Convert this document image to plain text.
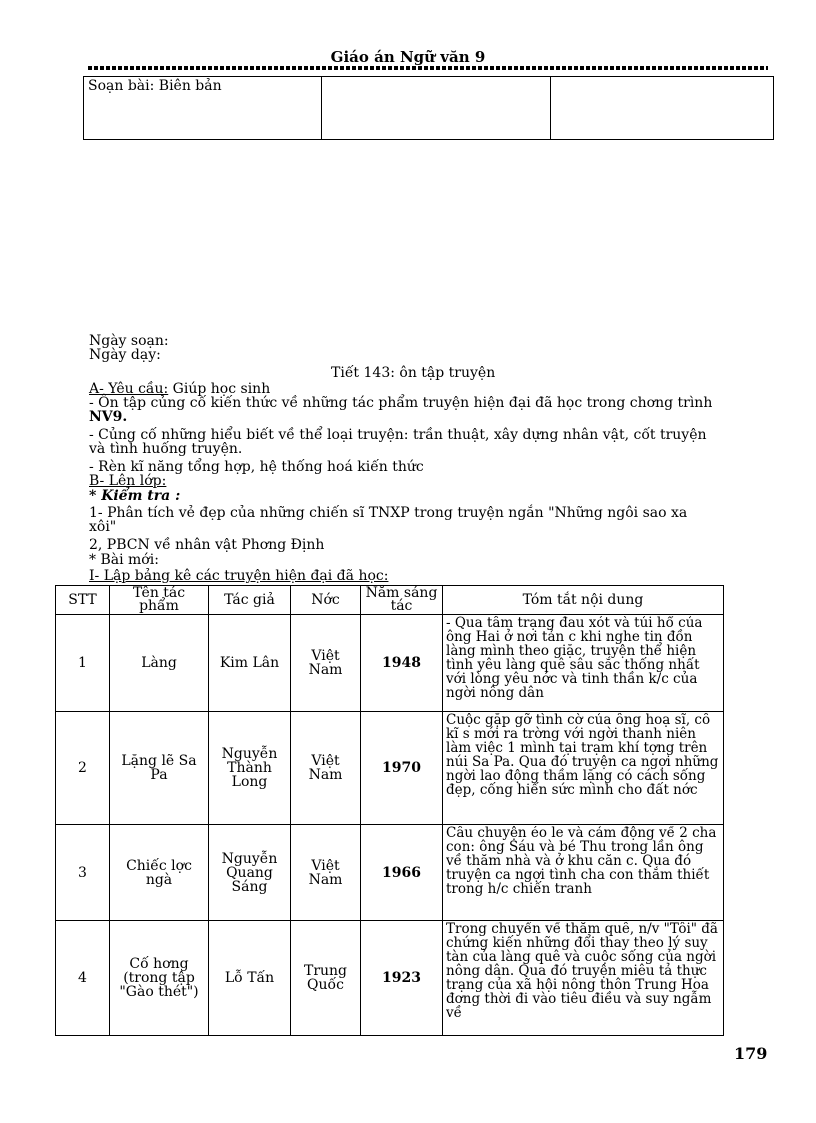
Giáo án Ngữ văn 9
Soạn bài: Biên bản		
Ngày soạn:
Ngày dạy:
Tiết 143: ôn tập truyện
A- Yêu cầu: Giúp học sinh
- Ôn tập củng cố kiến thức về những tác phẩm truyện hiện đại đã học trong chơng trình
NV9.
- Củng cố những hiểu biết về thể loại truyện: trần thuật, xây dựng nhân vật, cốt truyện
và tình huống truyện.
- Rèn kĩ năng tổng hợp, hệ thống hoá kiến thức
B- Lên lớp:
* Kiểm tra :
1- Phân tích vẻ đẹp của những chiến sĩ TNXP trong truyện ngắn "Những ngôi sao xa
xôi"
2, PBCN về nhân vật Phơng Định
* Bài mới:
I- Lập bảng kê các truyện hiện đại đã học:
STT	Tên tác phẩm	Tác giả	Nớc	Năm sáng tác	Tóm tắt nội dung
1	Làng	Kim Lân	Việt Nam	1948	- Qua tâm trạng đau xót và tủi hổ của ông Hai ở nơi tản c khi nghe tin đồn làng mình theo giặc, truyện thể hiện tình yêu làng quê sâu sắc thống nhất với lòng yêu nớc và tinh thần k/c của ngời nông dân

2	Lặng lẽ Sa Pa	Nguyễn Thành Long	Việt Nam	1970	Cuộc gặp gỡ tình cờ của ông hoạ sĩ, cô kĩ s mới ra trờng với ngời thanh niên làm việc 1 mình tại trạm khí tợng trên núi Sa Pa. Qua đó truyện ca ngợi những ngời lao động thầm lặng có cách sống đẹp, cống hiến sức mình cho đất nớc

3	Chiếc lợc ngà	Nguyễn Quang Sáng	Việt Nam	1966	Câu chuyện éo le và cảm động về 2 cha con: ông Sáu và bé Thu trong lần ông về thăm nhà và ở khu căn c. Qua đó truyện ca ngợi tình cha con thắm thiết trong h/c chiến tranh

4	Cố hơng (trong tập "Gào thét")	Lỗ Tấn	Trung Quốc	1923	Trong chuyến về thăm quê, n/v "Tôi" đã chứng kiến những đổi thay theo lý suy tàn của làng quê và cuộc sống của ngời nông dân. Qua đó truyện miêu tả thực trạng của xã hội nông thôn Trung Hoa đơng thời đi vào tiêu điều và suy ngẫm về
179
